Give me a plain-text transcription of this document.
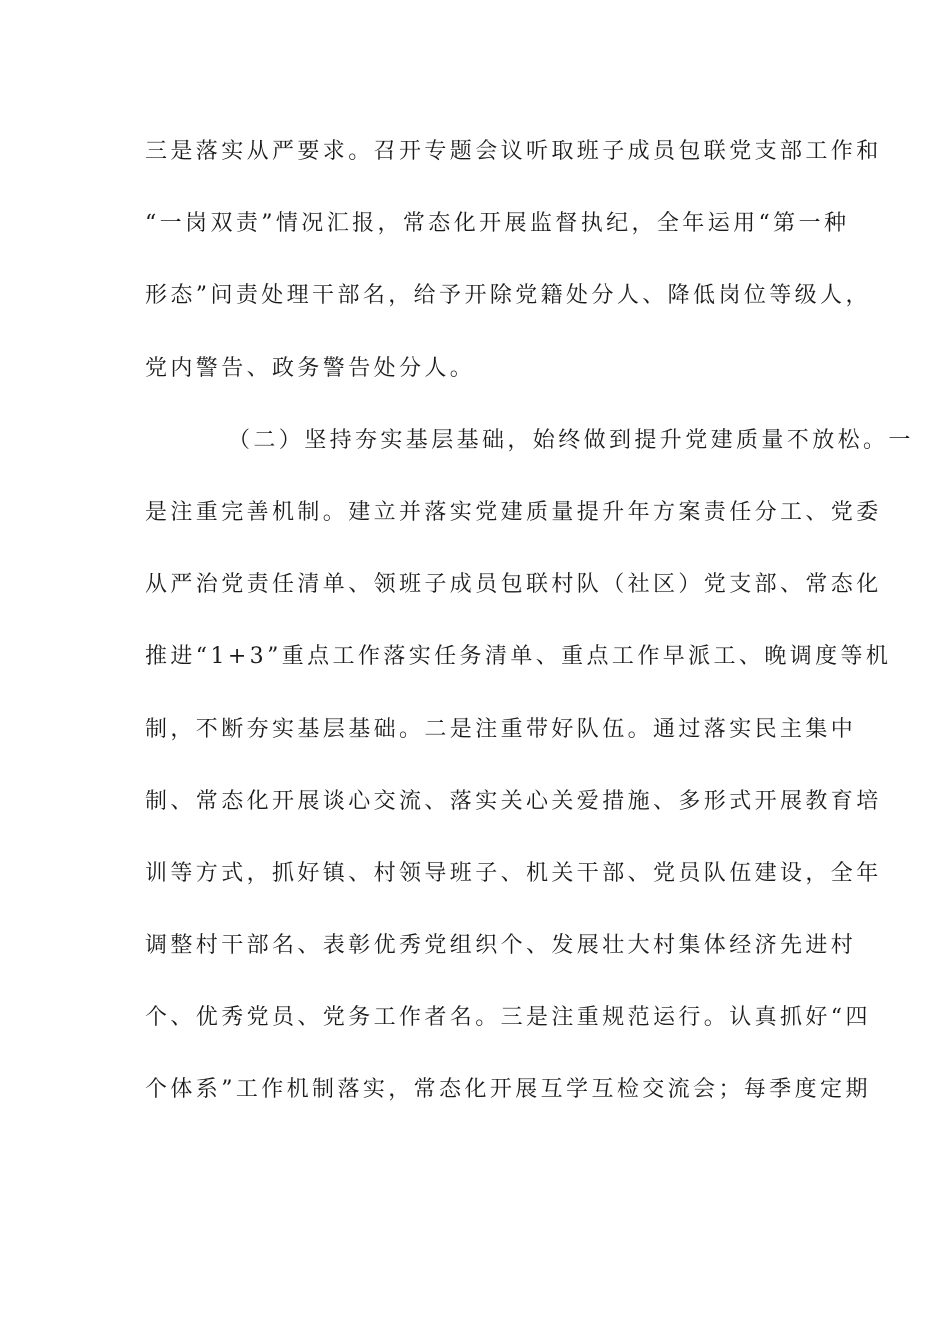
三是落实从严要求。召开专题会议听取班子成员包联党支部工作和
“一岗双责”情况汇报，常态化开展监督执纪，全年运用“第一种
形态”问责处理干部名，给予开除党籍处分人、降低岗位等级人，
党内警告、政务警告处分人。
（二）坚持夯实基层基础，始终做到提升党建质量不放松。一
是注重完善机制。建立并落实党建质量提升年方案责任分工、党委
从严治党责任清单、领班子成员包联村队（社区）党支部、常态化
推进“1+3”重点工作落实任务清单、重点工作早派工、晚调度等机
制，不断夯实基层基础。二是注重带好队伍。通过落实民主集中
制、常态化开展谈心交流、落实关心关爱措施、多形式开展教育培
训等方式，抓好镇、村领导班子、机关干部、党员队伍建设，全年
调整村干部名、表彰优秀党组织个、发展壮大村集体经济先进村
个、优秀党员、党务工作者名。三是注重规范运行。认真抓好“四
个体系”工作机制落实，常态化开展互学互检交流会；每季度定期
